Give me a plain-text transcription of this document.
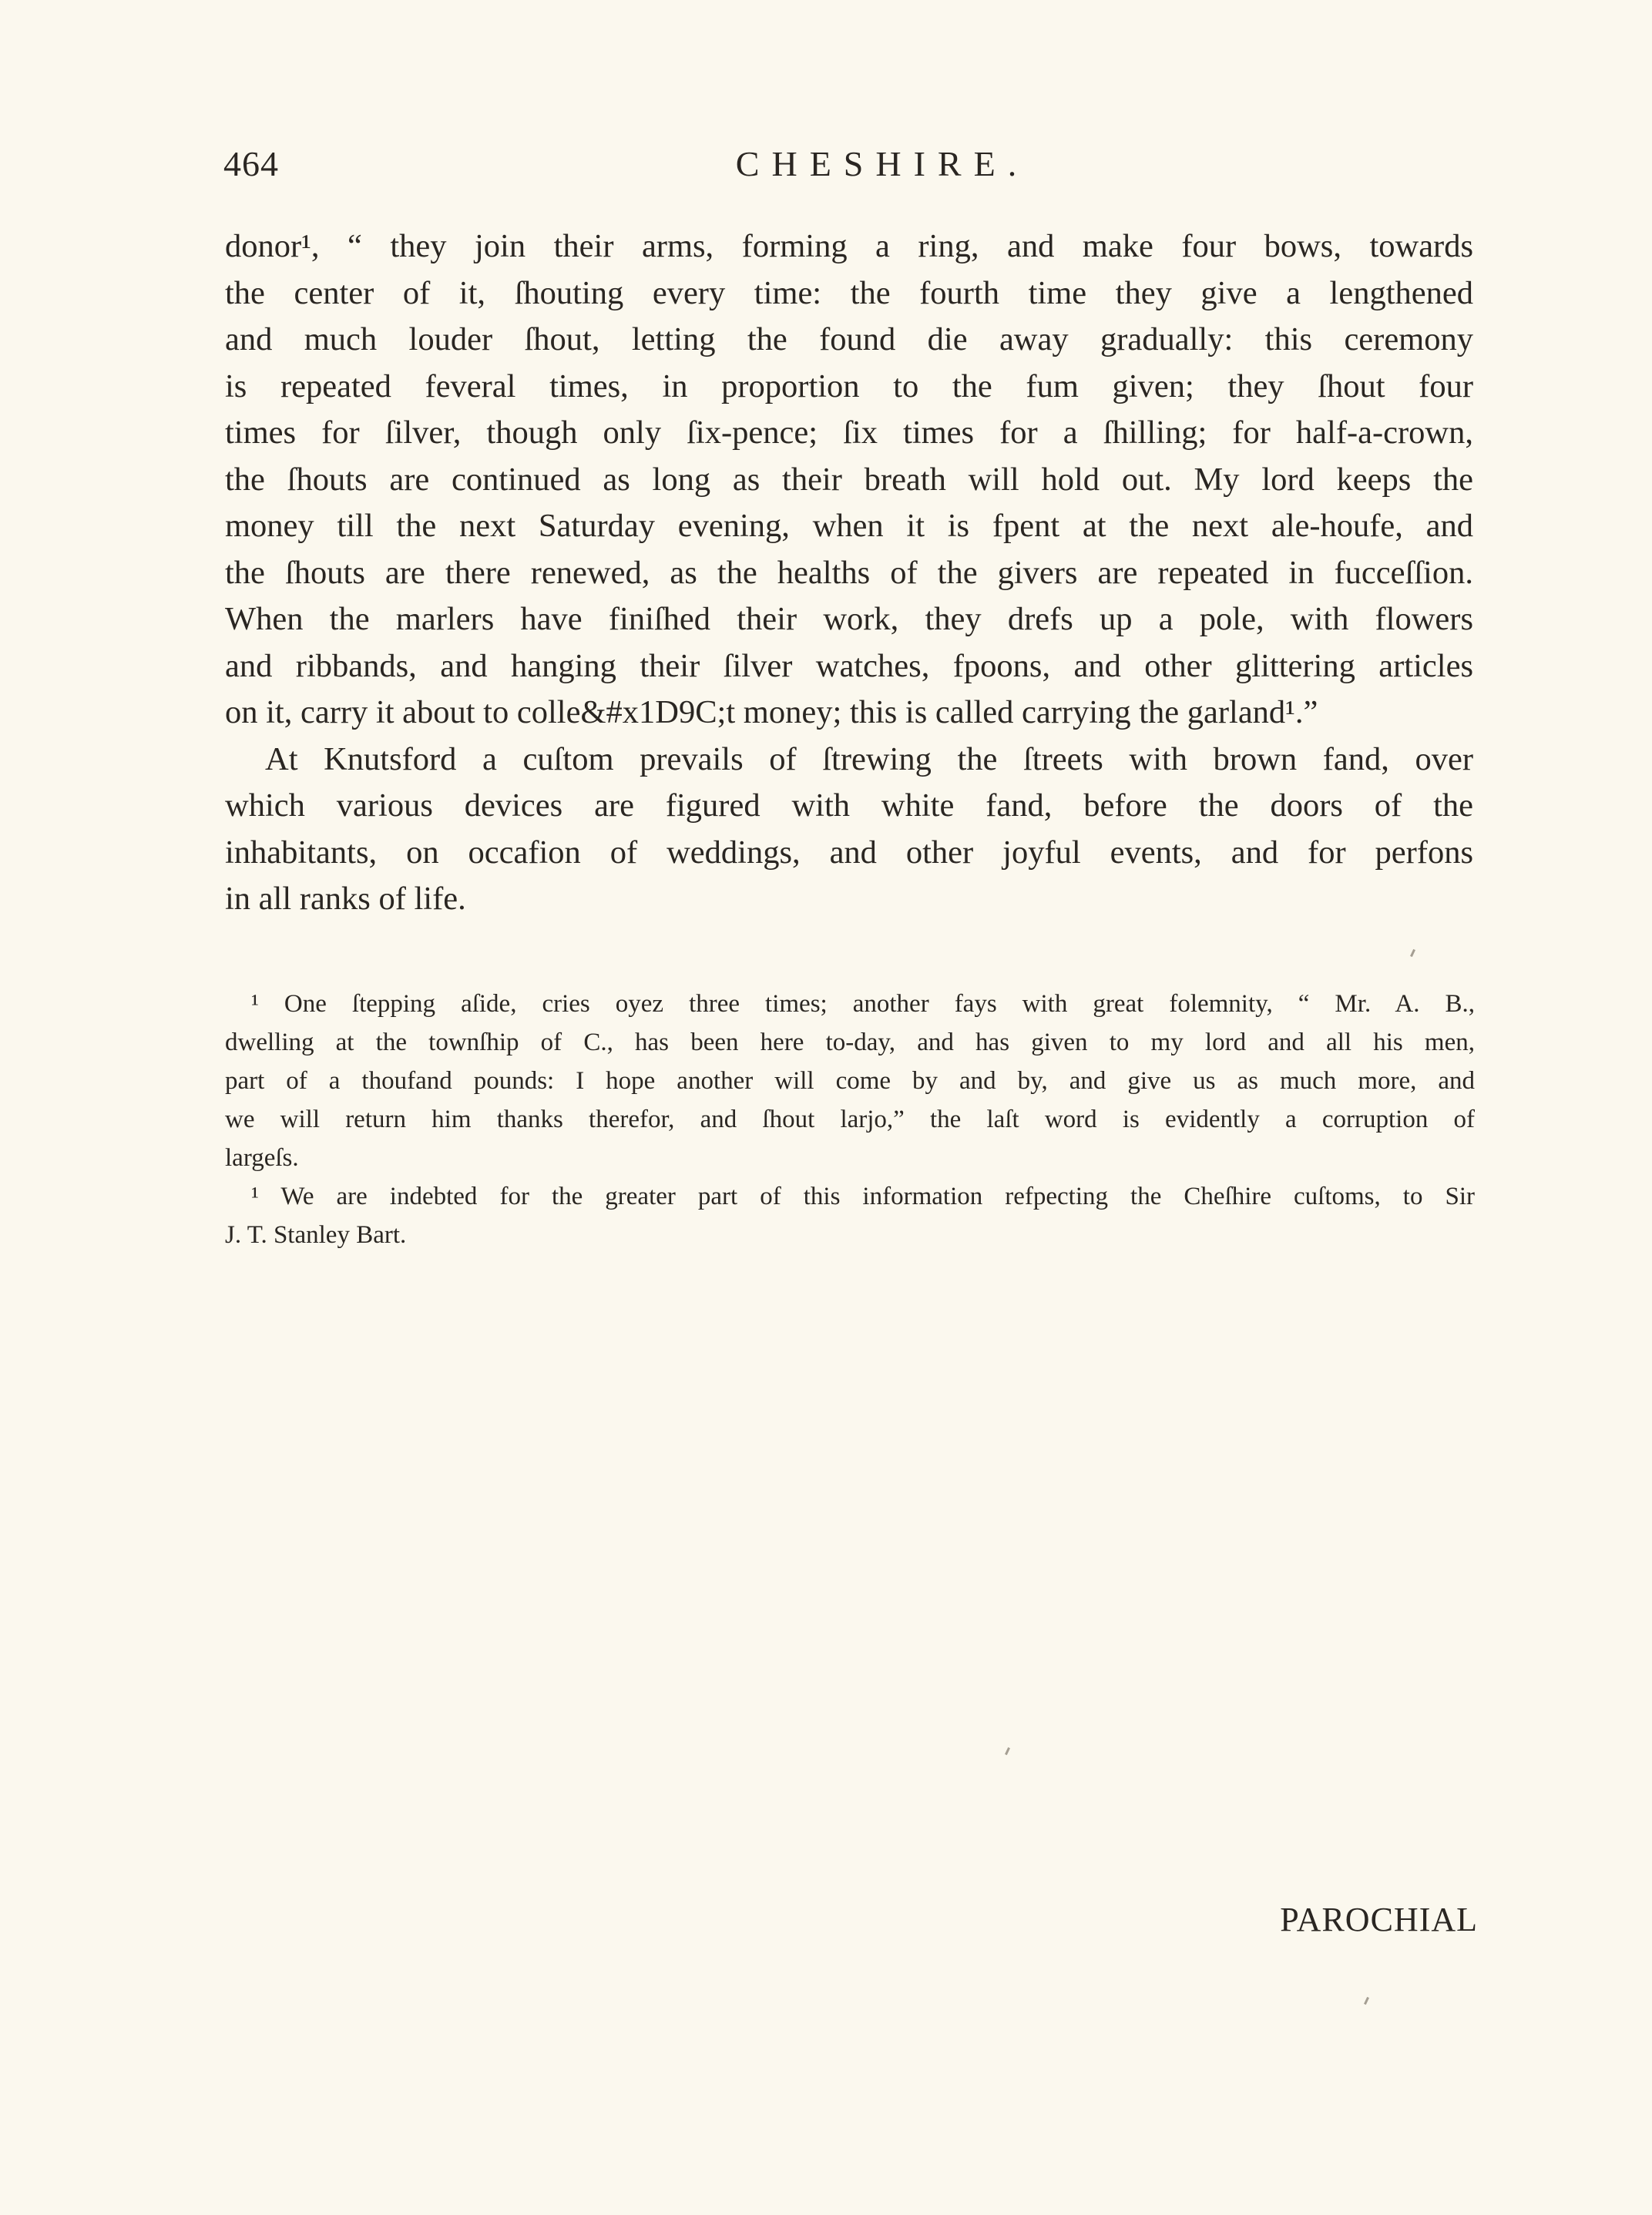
464	CHESHIRE.
donor¹, “ they join their arms, forming a ring, and make four bows, towards
the center of it, ſhouting every time: the fourth time they give a lengthened
and much louder ſhout, letting the found die away gradually: this ceremony
is repeated feveral times, in proportion to the fum given; they ſhout four
times for ſilver, though only ſix-pence; ſix times for a ſhilling; for half-a-crown,
the ſhouts are continued as long as their breath will hold out. My lord keeps the
money till the next Saturday evening, when it is fpent at the next ale-houfe, and
the ſhouts are there renewed, as the healths of the givers are repeated in fucceſſion.
When the marlers have finiſhed their work, they drefs up a pole, with flowers
and ribbands, and hanging their ſilver watches, fpoons, and other glittering articles
on it, carry it about to colle&#x1D9C;t money; this is called carrying the garland¹.”
At Knutsford a cuſtom prevails of ſtrewing the ſtreets with brown fand, over
which various devices are figured with white fand, before the doors of the
inhabitants, on occafion of weddings, and other joyful events, and for perfons
in all ranks of life.
¹ One ſtepping aſide, cries oyez three times; another fays with great folemnity, “ Mr. A. B.,
dwelling at the townſhip of C., has been here to-day, and has given to my lord and all his men,
part of a thoufand pounds: I hope another will come by and by, and give us as much more, and
we will return him thanks therefor, and ſhout larjo,” the laſt word is evidently a corruption of
largeſs.
¹ We are indebted for the greater part of this information refpecting the Cheſhire cuſtoms, to Sir
J. T. Stanley Bart.
PAROCHIAL
